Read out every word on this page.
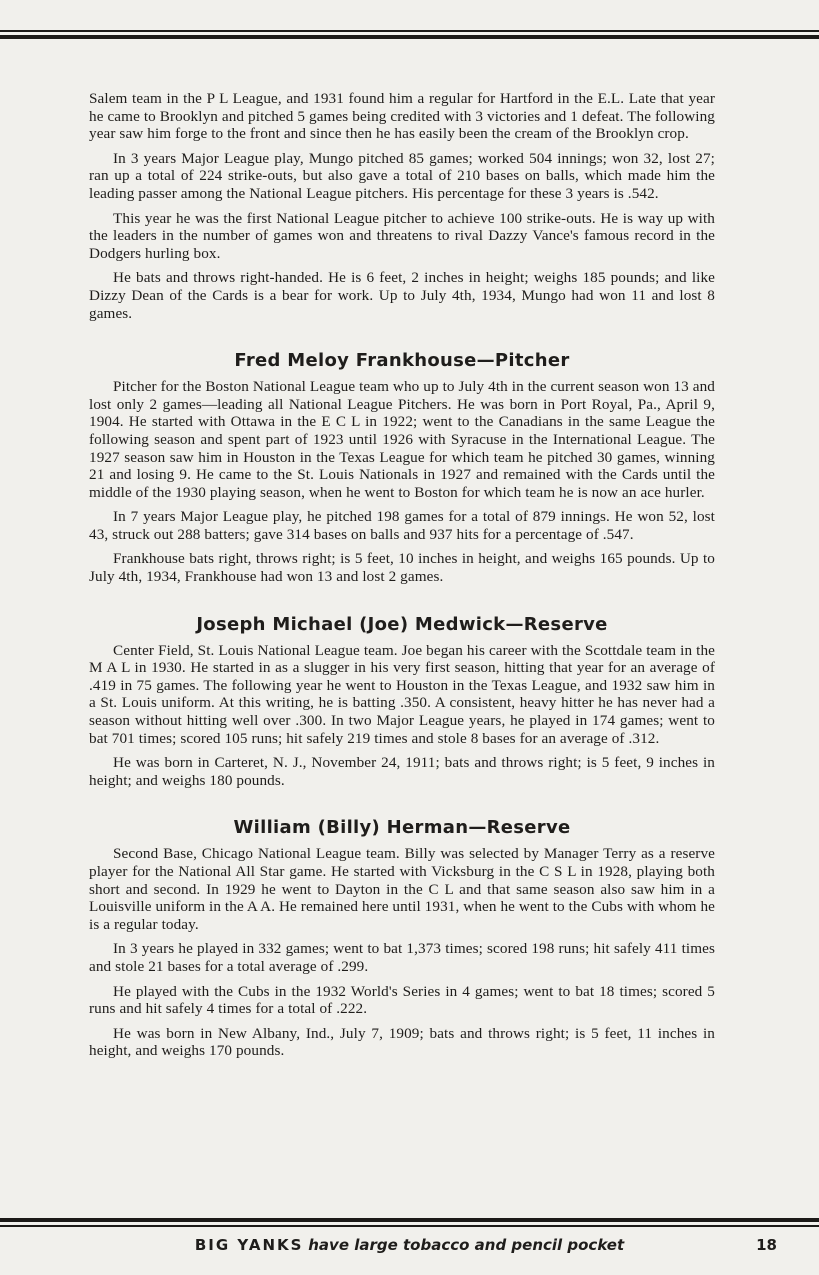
Salem team in the P L League, and 1931 found him a regular for Hartford in the E.L. Late that year he came to Brooklyn and pitched 5 games being credited with 3 victories and 1 defeat. The following year saw him forge to the front and since then he has easily been the cream of the Brooklyn crop.

In 3 years Major League play, Mungo pitched 85 games; worked 504 innings; won 32, lost 27; ran up a total of 224 strike-outs, but also gave a total of 210 bases on balls, which made him the leading passer among the National League pitchers. His percentage for these 3 years is .542.

This year he was the first National League pitcher to achieve 100 strike-outs. He is way up with the leaders in the number of games won and threatens to rival Dazzy Vance's famous record in the Dodgers hurling box.

He bats and throws right-handed. He is 6 feet, 2 inches in height; weighs 185 pounds; and like Dizzy Dean of the Cards is a bear for work. Up to July 4th, 1934, Mungo had won 11 and lost 8 games.

Fred Meloy Frankhouse—Pitcher

Pitcher for the Boston National League team who up to July 4th in the current season won 13 and lost only 2 games—leading all National League Pitchers. He was born in Port Royal, Pa., April 9, 1904. He started with Ottawa in the E C L in 1922; went to the Canadians in the same League the following season and spent part of 1923 until 1926 with Syracuse in the International League. The 1927 season saw him in Houston in the Texas League for which team he pitched 30 games, winning 21 and losing 9. He came to the St. Louis Nationals in 1927 and remained with the Cards until the middle of the 1930 playing season, when he went to Boston for which team he is now an ace hurler.

In 7 years Major League play, he pitched 198 games for a total of 879 innings. He won 52, lost 43, struck out 288 batters; gave 314 bases on balls and 937 hits for a percentage of .547.

Frankhouse bats right, throws right; is 5 feet, 10 inches in height, and weighs 165 pounds. Up to July 4th, 1934, Frankhouse had won 13 and lost 2 games.

Joseph Michael (Joe) Medwick—Reserve

Center Field, St. Louis National League team. Joe began his career with the Scottdale team in the M A L in 1930. He started in as a slugger in his very first season, hitting that year for an average of .419 in 75 games. The following year he went to Houston in the Texas League, and 1932 saw him in a St. Louis uniform. At this writing, he is batting .350. A consistent, heavy hitter he has never had a season without hitting well over .300. In two Major League years, he played in 174 games; went to bat 701 times; scored 105 runs; hit safely 219 times and stole 8 bases for an average of .312.

He was born in Carteret, N. J., November 24, 1911; bats and throws right; is 5 feet, 9 inches in height; and weighs 180 pounds.

William (Billy) Herman—Reserve

Second Base, Chicago National League team. Billy was selected by Manager Terry as a reserve player for the National All Star game. He started with Vicksburg in the C S L in 1928, playing both short and second. In 1929 he went to Dayton in the C L and that same season also saw him in a Louisville uniform in the A A. He remained here until 1931, when he went to the Cubs with whom he is a regular today.

In 3 years he played in 332 games; went to bat 1,373 times; scored 198 runs; hit safely 411 times and stole 21 bases for a total average of .299.

He played with the Cubs in the 1932 World's Series in 4 games; went to bat 18 times; scored 5 runs and hit safely 4 times for a total of .222.

He was born in New Albany, Ind., July 7, 1909; bats and throws right; is 5 feet, 11 inches in height, and weighs 170 pounds.

BIG YANKS have large tobacco and pencil pocket	18
